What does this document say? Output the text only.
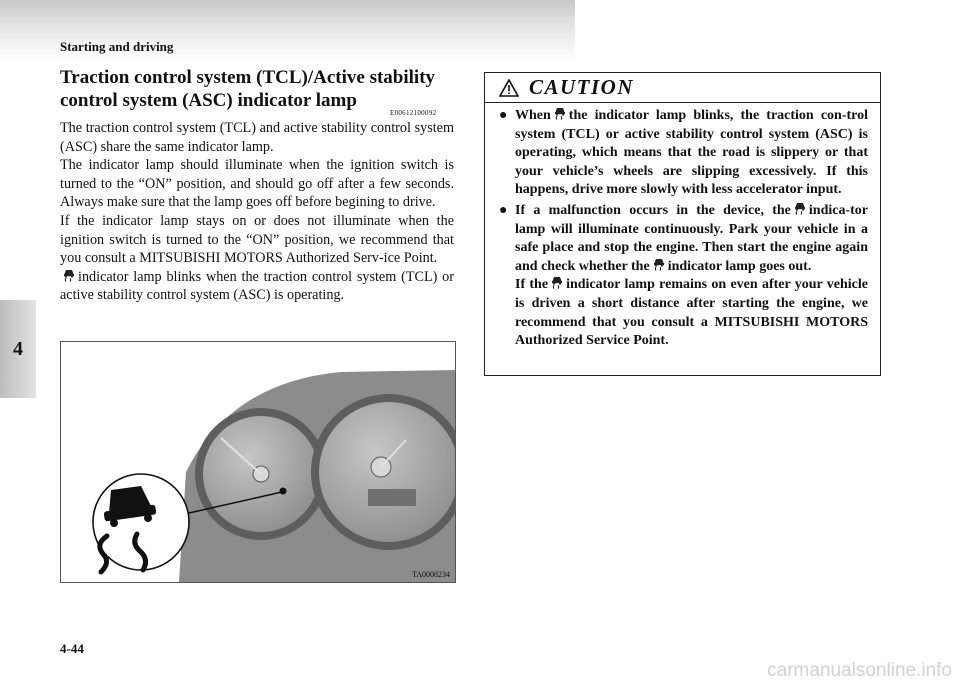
Starting and driving
4
Traction control system (TCL)/Active stability control system (ASC) indicator lamp
E00612100092

The traction control system (TCL) and active stability control system (ASC) share the same indicator lamp.

The indicator lamp should illuminate when the ignition switch is turned to the “ON” position, and should go off after a few seconds. Always make sure that the lamp goes off before begining to drive.

If the indicator lamp stays on or does not illuminate when the ignition switch is turned to the “ON” position, we recommend that you consult a MITSUBISHI MOTORS Authorized Serv-ice Point.

indicator lamp blinks when the traction control system (TCL) or active stability control system (ASC) is operating.

TA0008234
CAUTION
● When the indicator lamp blinks, the traction con-trol system (TCL) or active stability control system (ASC) is operating, which means that the road is slippery or that your vehicle’s wheels are slipping excessively. If this happens, drive more slowly with less accelerator input.

● If a malfunction occurs in the device, the indica-tor lamp will illuminate continuously. Park your vehicle in a safe place and stop the engine. Then start the engine again and check whether the indicator lamp goes out.

If the indicator lamp remains on even after your vehicle is driven a short distance after starting the engine, we recommend that you consult a MITSUBISHI MOTORS Authorized Service Point.

4-44
carmanualsonline.info
